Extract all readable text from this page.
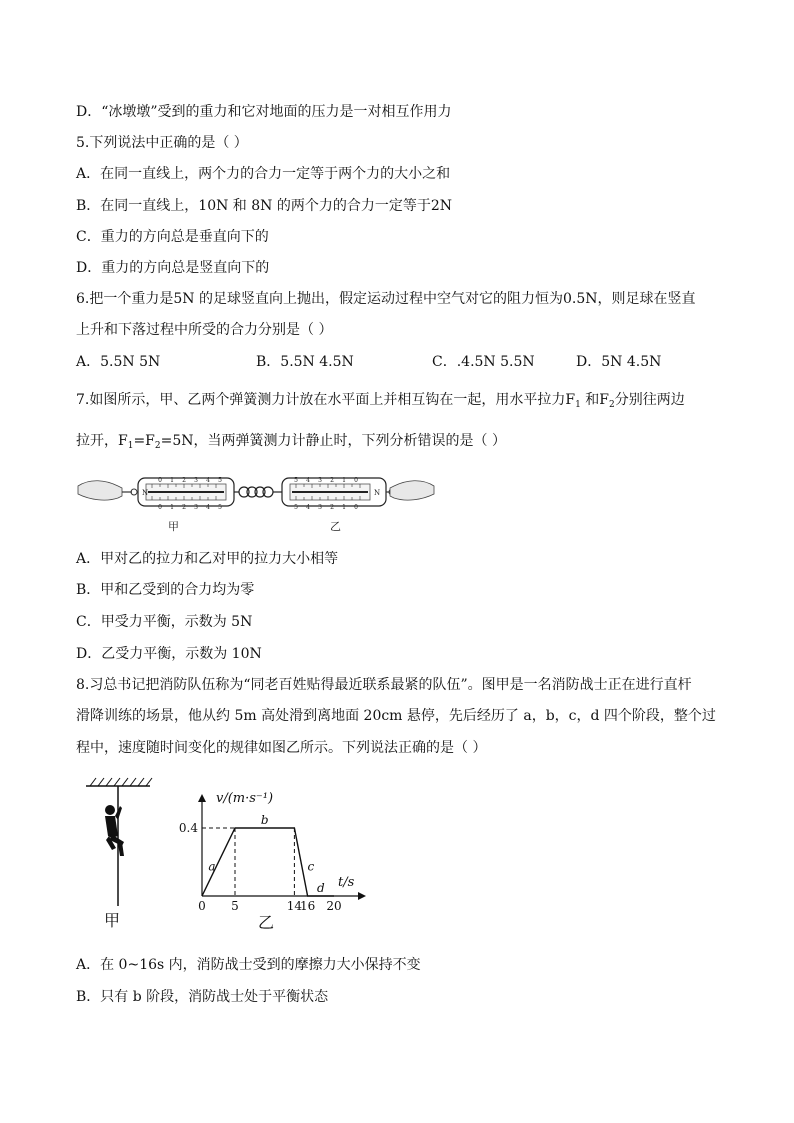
D．“冰墩墩”受到的重力和它对地面的压力是一对相互作用力
5.下列说法中正确的是（ ）
A．在同一直线上，两个力的合力一定等于两个力的大小之和
B．在同一直线上，10N 和 8N 的两个力的合力一定等于2N
C．重力的方向总是垂直向下的
D．重力的方向总是竖直向下的
6.把一个重力是5N 的足球竖直向上抛出，假定运动过程中空气对它的阻力恒为0.5N，则足球在竖直
上升和下落过程中所受的合力分别是（ ）
A．5.5N 5N	B．5.5N 4.5N	C．.4.5N 5.5N	D．5N 4.5N
7.如图所示，甲、乙两个弹簧测力计放在水平面上并相互钩在一起，用水平拉力$F_1$ 和$F_2$分别往两边
拉开，$F_1=F_2=5N$，当两弹簧测力计静止时，下列分析错误的是（ ）
0 1 2 3 4 5
0 1 2 3 4 5
N
5 4 3 2 1 0
5 4 3 2 1 0
N
甲	乙
A．甲对乙的拉力和乙对甲的拉力大小相等
B．甲和乙受到的合力均为零
C．甲受力平衡，示数为 5N
D．乙受力平衡，示数为 10N
8.习总书记把消防队伍称为“同老百姓贴得最近联系最紧的队伍”。图甲是一名消防战士正在进行直杆
滑降训练的场景，他从约 5m 高处滑到离地面 20cm 悬停，先后经历了 a，b，c，d 四个阶段，整个过
程中，速度随时间变化的规律如图乙所示。下列说法正确的是（ ）
甲
0.4
0 5	14
16 20
a
b
c
d
v/(m·s⁻¹)
t/s
乙
A．在 0~16s 内，消防战士受到的摩擦力大小保持不变
B．只有 b 阶段，消防战士处于平衡状态
